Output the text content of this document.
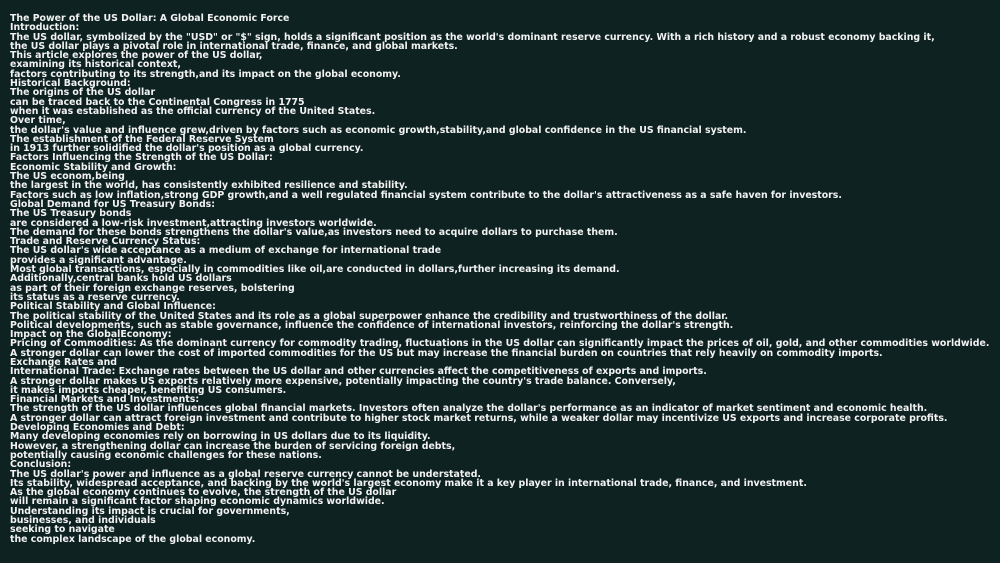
The Power of the US Dollar: A Global Economic Force
Introduction:
The US dollar, symbolized by the "USD" or "$" sign, holds a significant position as the world's dominant reserve currency. With a rich history and a robust economy backing it,
the US dollar plays a pivotal role in international trade, finance, and global markets.
This article explores the power of the US dollar,
examining its historical context,
factors contributing to its strength,and its impact on the global economy.
Historical Background:
The origins of the US dollar
can be traced back to the Continental Congress in 1775
when it was established as the official currency of the United States.
Over time,
the dollar's value and influence grew,driven by factors such as economic growth,stability,and global confidence in the US financial system.
The establishment of the Federal Reserve System
in 1913 further solidified the dollar's position as a global currency.
Factors Influencing the Strength of the US Dollar:
Economic Stability and Growth:
The US econom,being
the largest in the world, has consistently exhibited resilience and stability.
Factors such as low inflation,strong GDP growth,and a well regulated financial system contribute to the dollar's attractiveness as a safe haven for investors.
Global Demand for US Treasury Bonds:
The US Treasury bonds
are considered a low-risk investment,attracting investors worldwide.
The demand for these bonds strengthens the dollar's value,as investors need to acquire dollars to purchase them.
Trade and Reserve Currency Status:
The US dollar's wide acceptance as a medium of exchange for international trade
provides a significant advantage.
Most global transactions, especially in commodities like oil,are conducted in dollars,further increasing its demand.
Additionally,central banks hold US dollars
as part of their foreign exchange reserves, bolstering
its status as a reserve currency.
Political Stability and Global Influence:
The political stability of the United States and its role as a global superpower enhance the credibility and trustworthiness of the dollar.
Political developments, such as stable governance, influence the confidence of international investors, reinforcing the dollar's strength.
Impact on the GlobalEconomy:
Pricing of Commodities: As the dominant currency for commodity trading, fluctuations in the US dollar can significantly impact the prices of oil, gold, and other commodities worldwide.
A stronger dollar can lower the cost of imported commodities for the US but may increase the financial burden on countries that rely heavily on commodity imports.
Exchange Rates and
International Trade: Exchange rates between the US dollar and other currencies affect the competitiveness of exports and imports.
A stronger dollar makes US exports relatively more expensive, potentially impacting the country's trade balance. Conversely,
it makes imports cheaper, benefiting US consumers.
Financial Markets and Investments:
The strength of the US dollar influences global financial markets. Investors often analyze the dollar's performance as an indicator of market sentiment and economic health.
A stronger dollar can attract foreign investment and contribute to higher stock market returns, while a weaker dollar may incentivize US exports and increase corporate profits.
Developing Economies and Debt:
Many developing economies rely on borrowing in US dollars due to its liquidity.
However, a strengthening dollar can increase the burden of servicing foreign debts,
potentially causing economic challenges for these nations.
Conclusion:
The US dollar's power and influence as a global reserve currency cannot be understated.
Its stability, widespread acceptance, and backing by the world's largest economy make it a key player in international trade, finance, and investment.
As the global economy continues to evolve, the strength of the US dollar
will remain a significant factor shaping economic dynamics worldwide.
Understanding its impact is crucial for governments,
businesses, and individuals
seeking to navigate
the complex landscape of the global economy.
